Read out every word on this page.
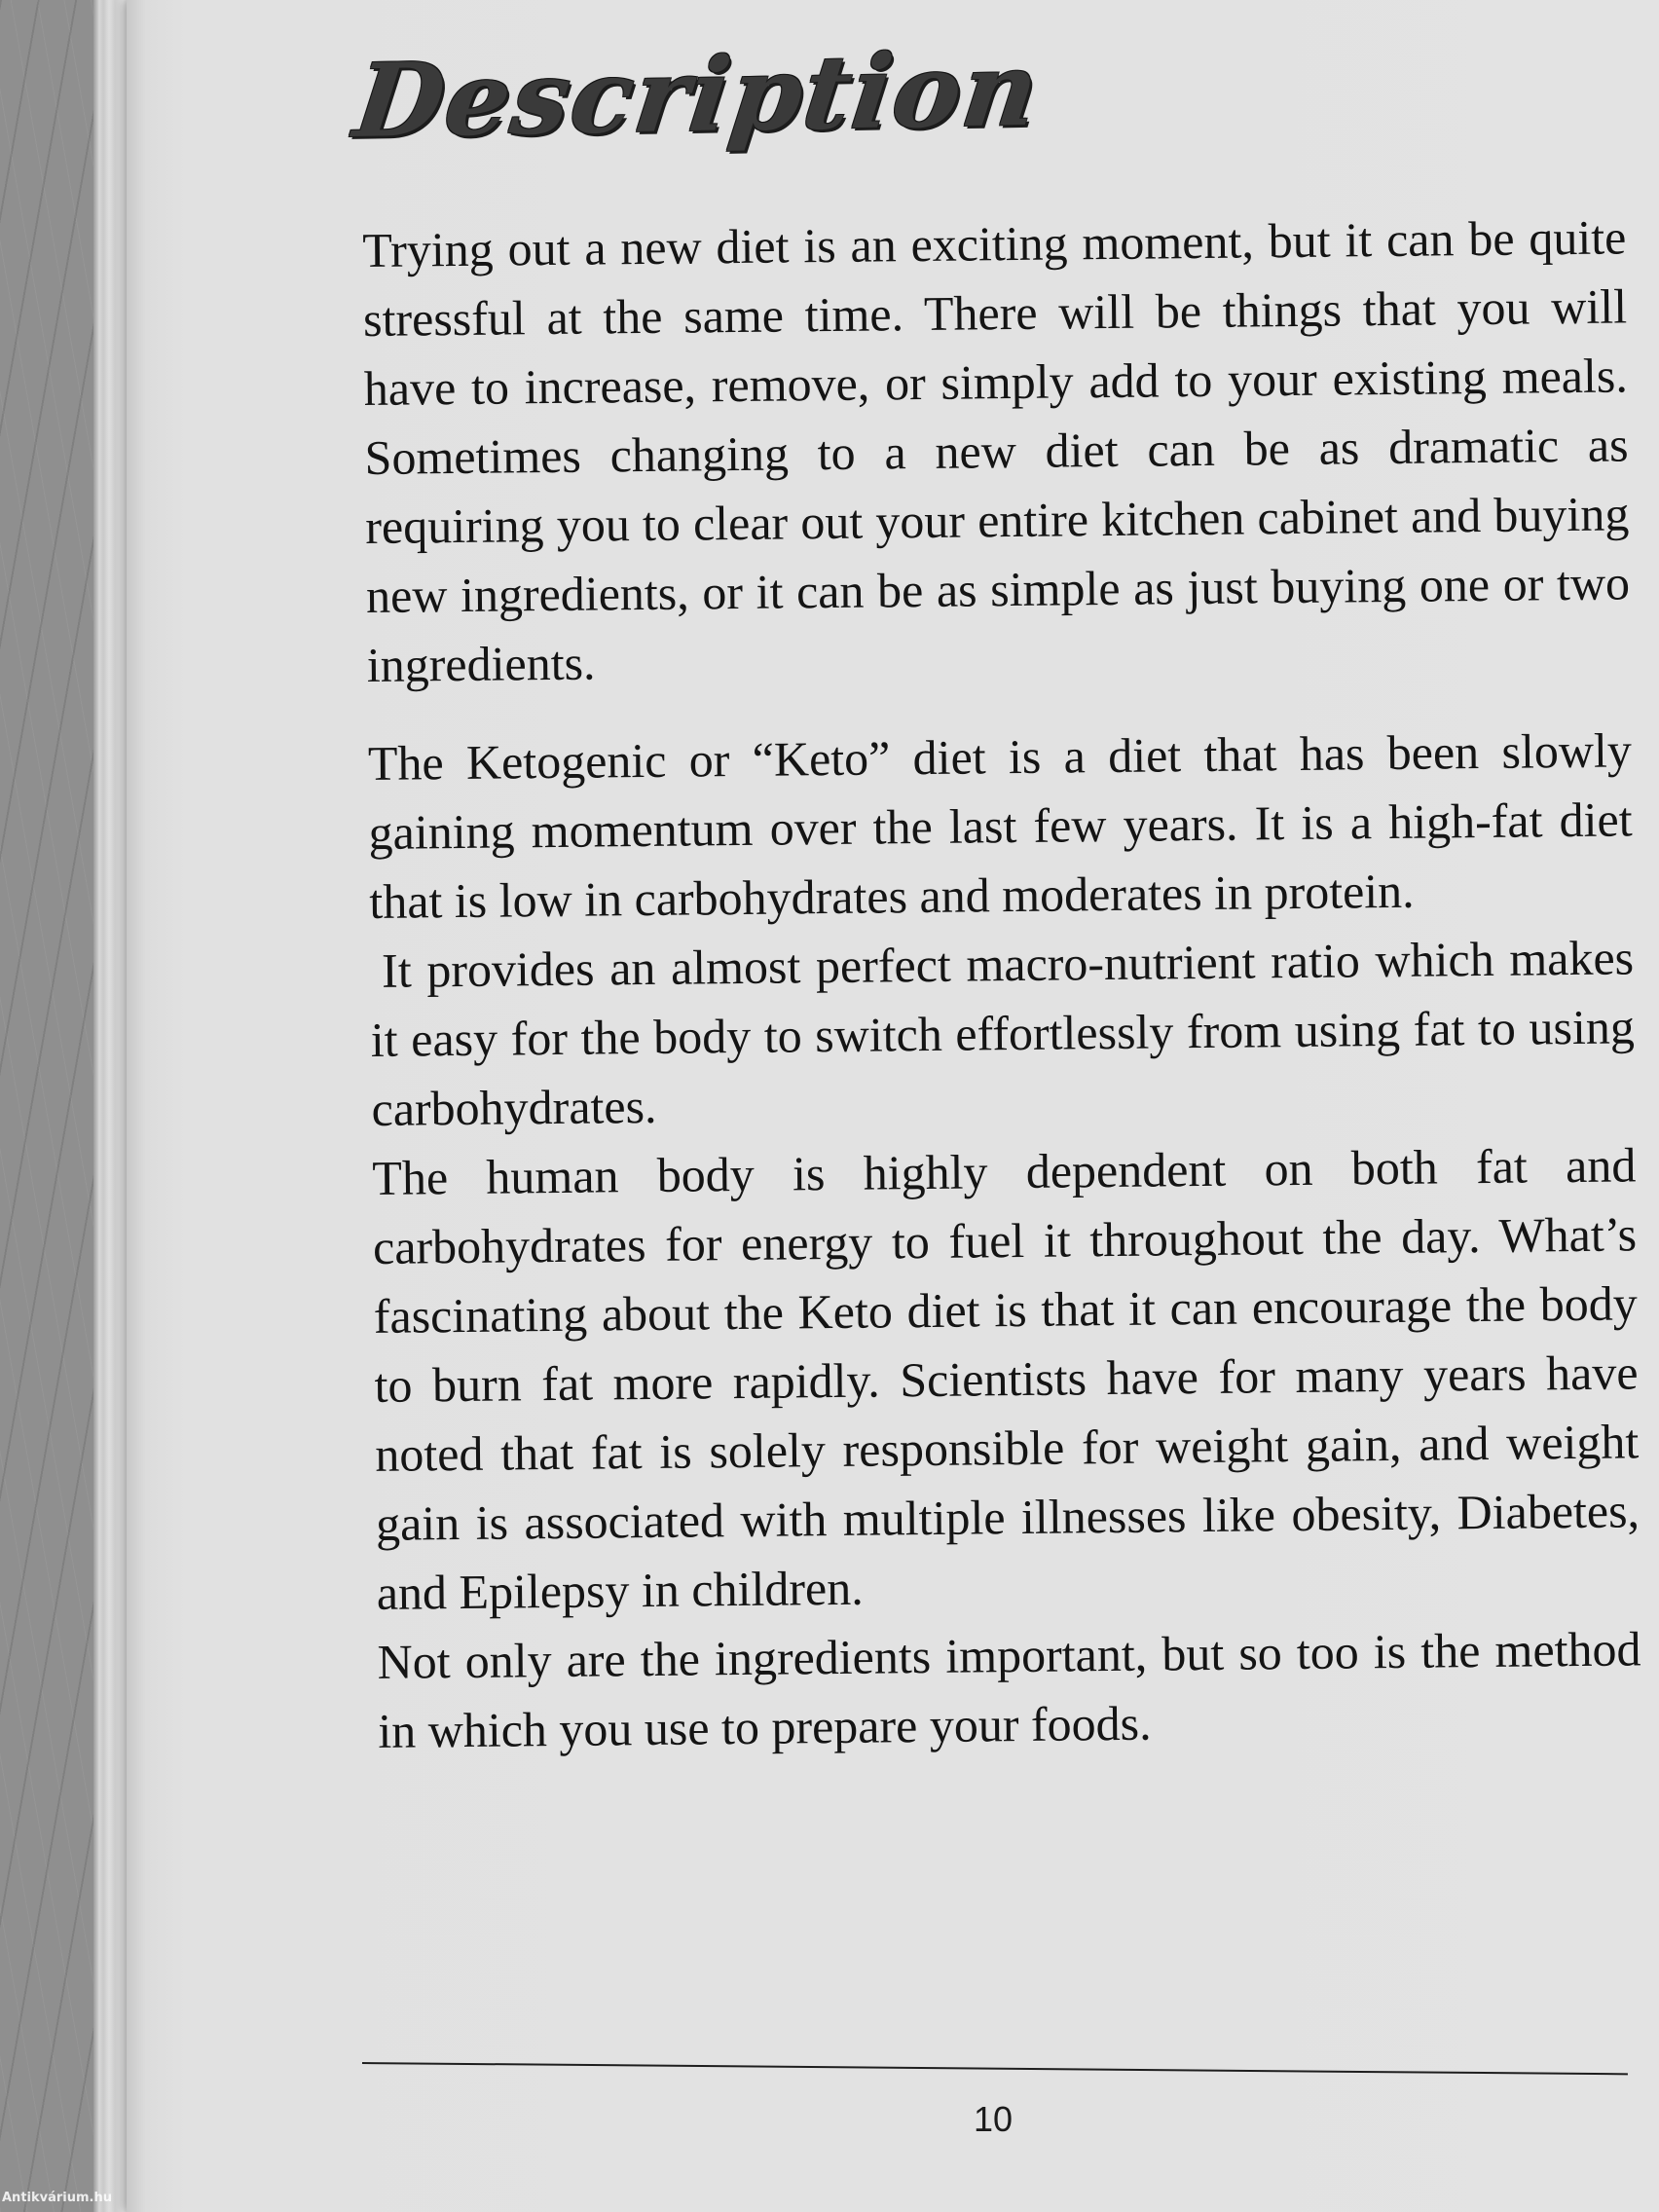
Description

Trying out a new diet is an exciting moment, but it can be quite stressful at the same time. There will be things that you will have to increase, remove, or simply add to your existing meals. Sometimes changing to a new diet can be as dramatic as requiring you to clear out your entire kitchen cabinet and buying new ingredients, or it can be as simple as just buying one or two ingredients.

The Ketogenic or “Keto” diet is a diet that has been slowly gaining momentum over the last few years. It is a high-fat diet that is low in carbohydrates and moderates in protein.

It provides an almost perfect macro-nutrient ratio which makes it easy for the body to switch effortlessly from using fat to using carbohydrates.

The human body is highly dependent on both fat and carbohydrates for energy to fuel it throughout the day. What’s fascinating about the Keto diet is that it can encourage the body to burn fat more rapidly. Scientists have for many years have noted that fat is solely responsible for weight gain, and weight gain is associated with multiple illnesses like obesity, Diabetes, and Epilepsy in children.

Not only are the ingredients important, but so too is the method in which you use to prepare your foods.

10
Antikvárium.hu
